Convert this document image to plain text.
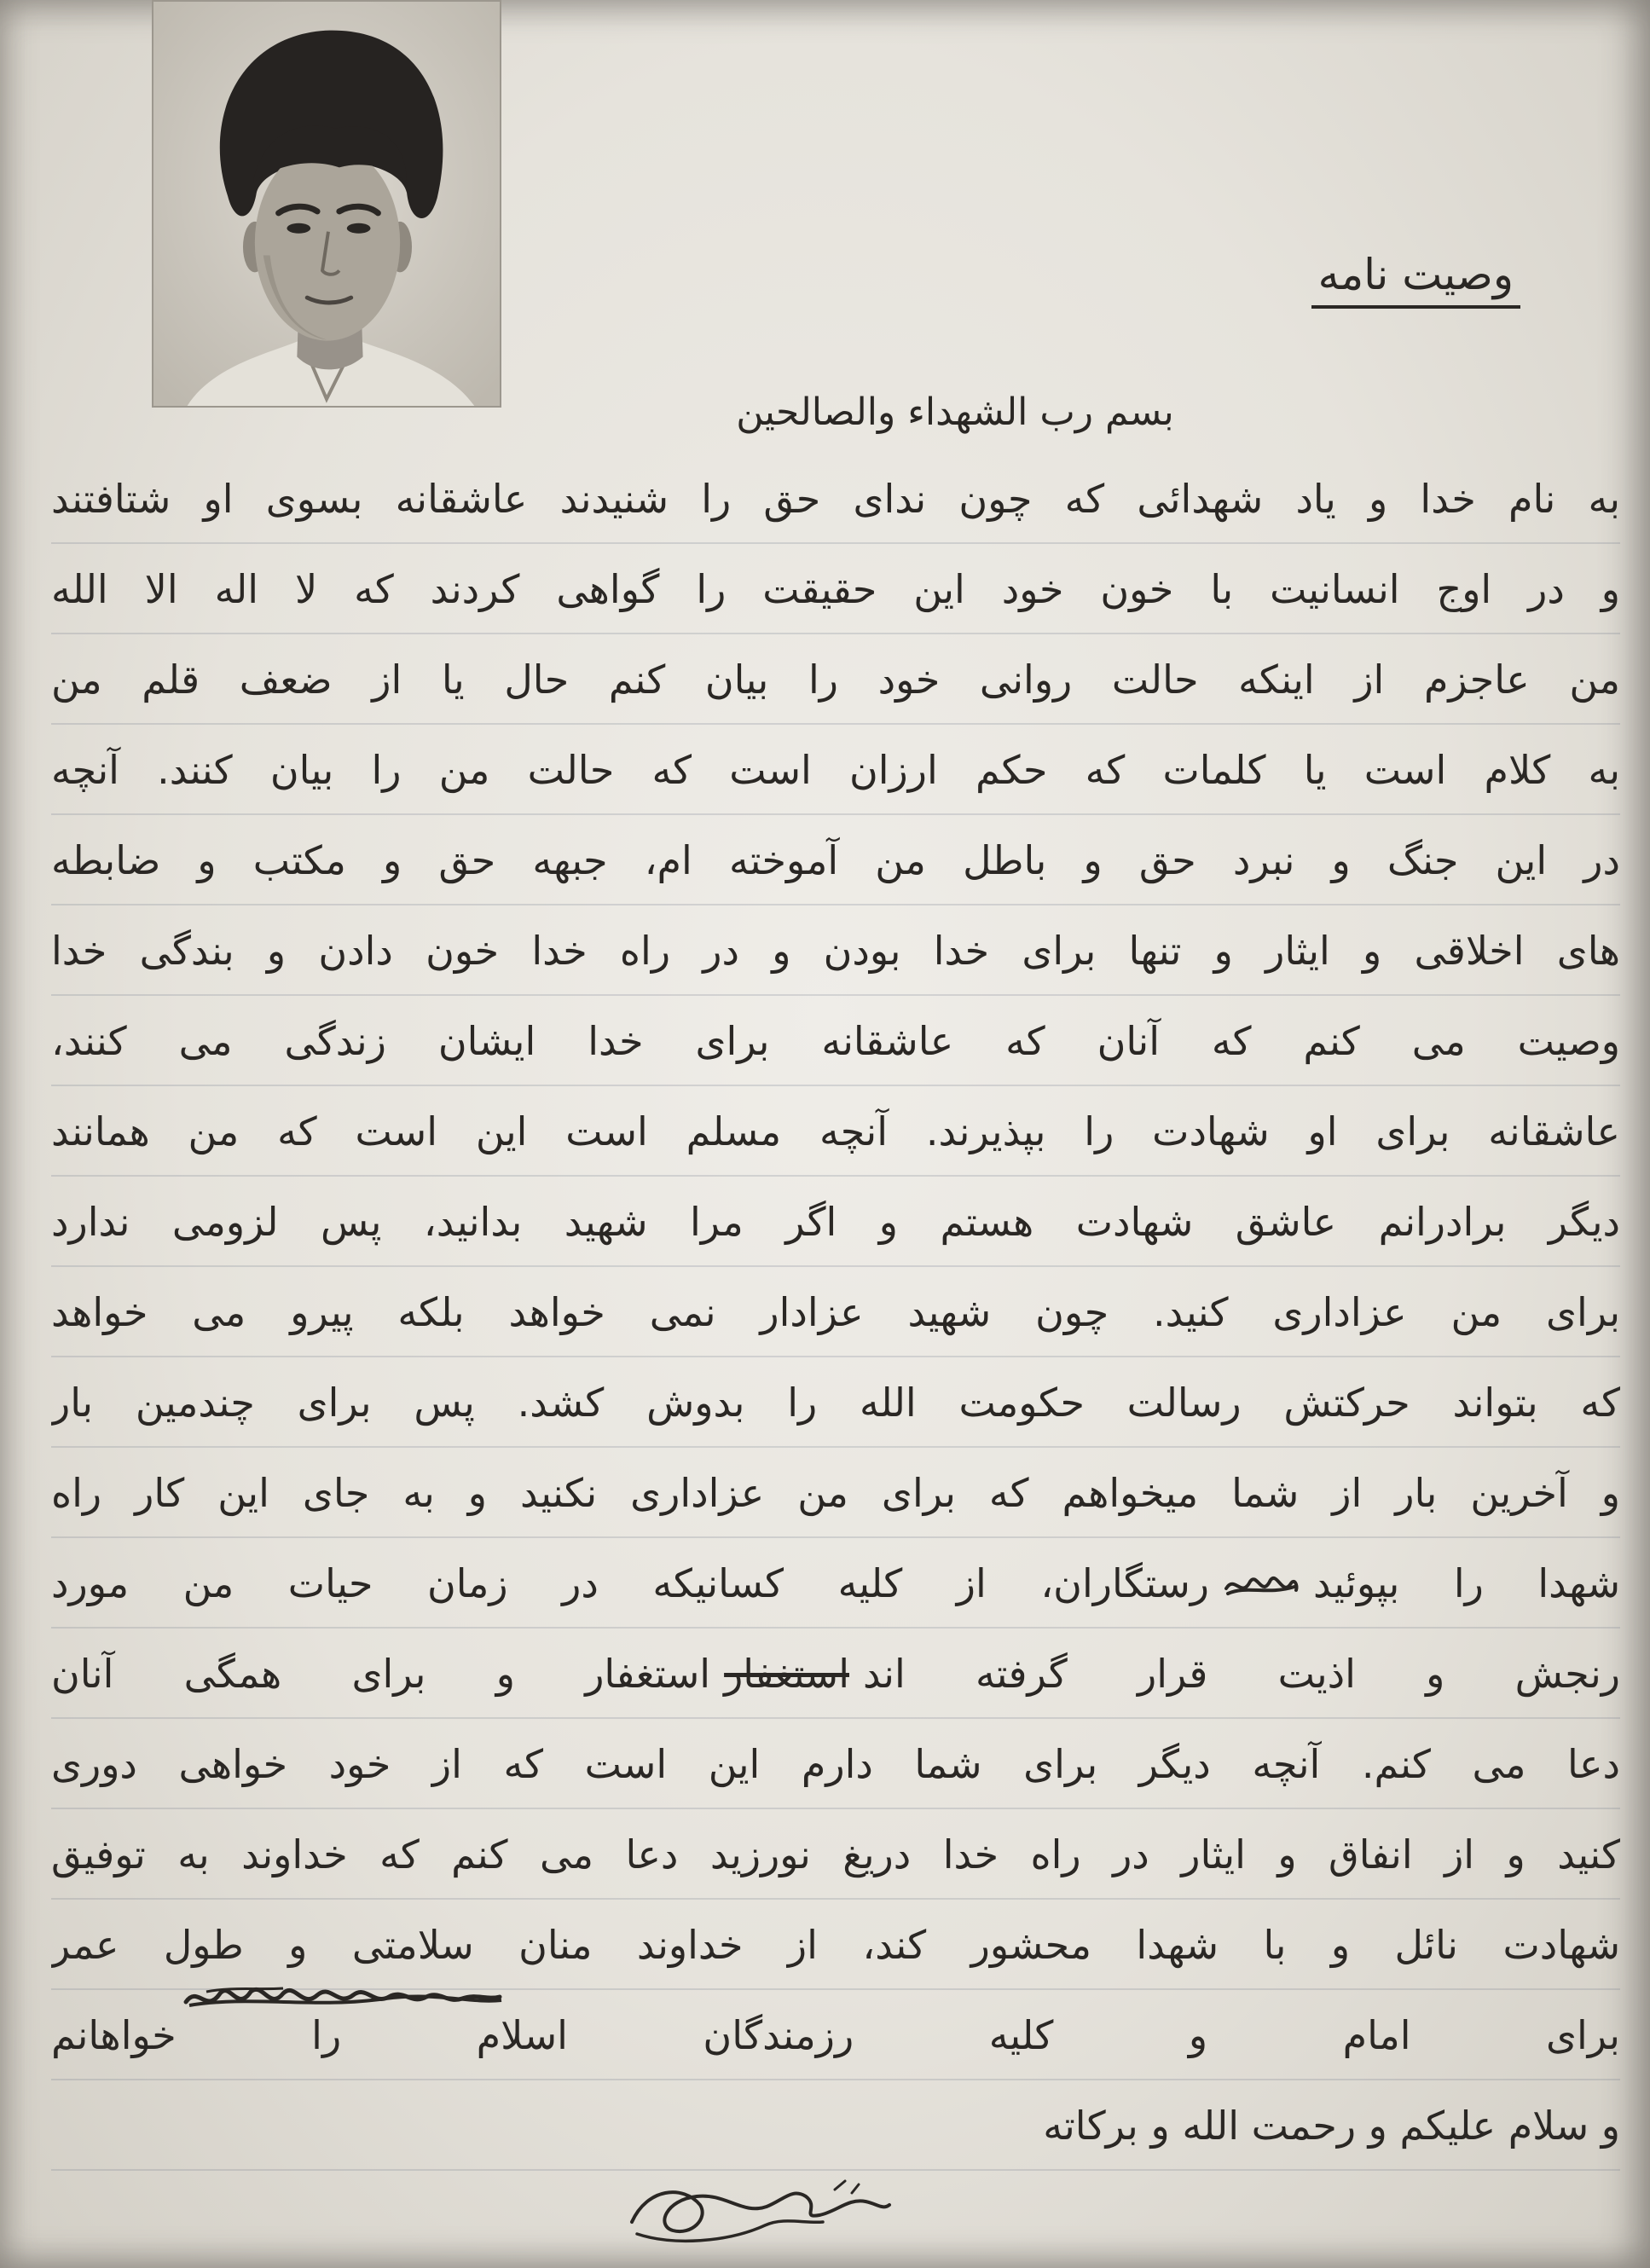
وصیت نامه
بسم رب الشهداء والصالحین
به نام خدا و یاد شهدائی که چون ندای حق را شنیدند عاشقانه بسوی او شتافتند
و در اوج انسانیت با خون خود این حقیقت را گواهی کردند که لا اله الا الله
من عاجزم از اینکه حالت روانی خود را بیان کنم حال یا از ضعف قلم من
به کلام است یا کلمات که حکم ارزان است که حالت من را بیان کنند. آنچه
در این جنگ و نبرد حق و باطل من آموخته ام، جبهه حق و مکتب و ضابطه
های اخلاقی و ایثار و تنها برای خدا بودن و در راه خدا خون دادن و بندگی خدا
وصیت می کنم که آنان که عاشقانه برای خدا ایشان زندگی می کنند،
عاشقانه برای او شهادت را بپذیرند. آنچه مسلم است این است که من همانند
دیگر برادرانم عاشق شهادت هستم و اگر مرا شهید بدانید، پس لزومی ندارد
برای من عزاداری کنید. چون شهید عزادار نمی خواهد بلکه پیرو می خواهد
که بتواند حرکتش رسالت حکومت الله را بدوش کشد. پس برای چندمین بار
و آخرین بار از شما میخواهم که برای من عزاداری نکنید و به جای این کار راه
شهدا را بپوئید
رستگاران، از کلیه کسانیکه در زمان حیات من مورد
رنجش و اذیت قرار گرفته انداستغفاراستغفار و برای همگی آنان
دعا می کنم. آنچه دیگر برای شما دارم این است که از خود خواهی دوری
کنید و از انفاق و ایثار در راه خدا دریغ نورزید دعا می کنم که خداوند به توفیق
شهادت نائل و با شهدا محشور کند، از خداوند منان سلامتی و طول عمر
برای امام و کلیه رزمندگان اسلام را خواهانم
و سلام علیکم و رحمت الله و برکاته
